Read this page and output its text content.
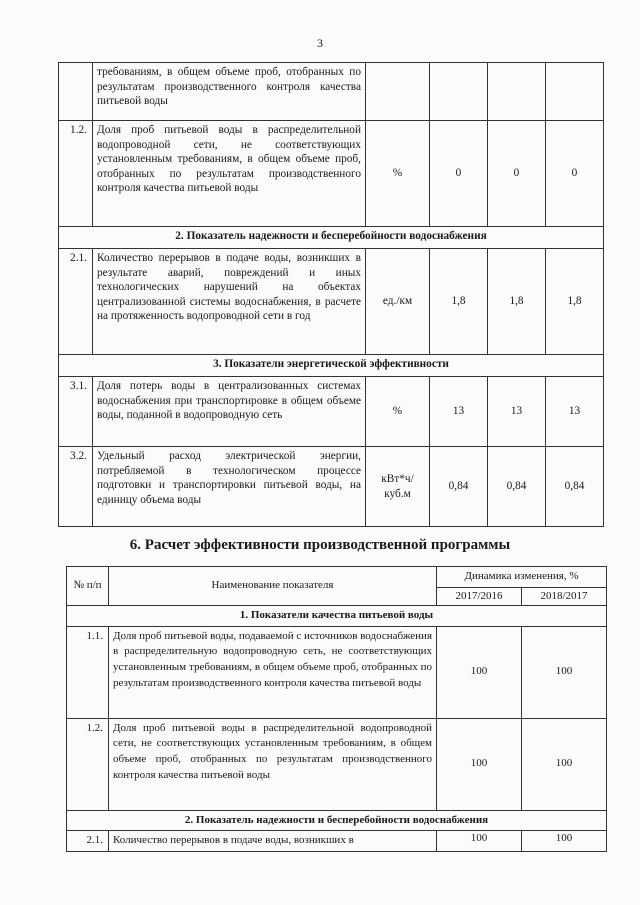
3
	требованиям, в общем объеме проб, отобранных по результатам производственного контроля качества питьевой воды				
1.2.	Доля проб питьевой воды в распределительной водопроводной сети, не соответствующих установленным требованиям, в общем объеме проб, отобранных по результатам производственного контроля качества питьевой воды	%	0	0	0
2. Показатель надежности и бесперебойности водоснабжения					
2.1.	Количество перерывов в подаче воды, возникших в результате аварий, повреждений и иных технологических нарушений на объектах централизованной системы водоснабжения, в расчете на протяженность водопроводной сети в год	ед./км	1,8	1,8	1,8
3. Показатели энергетической эффективности					
3.1.	Доля потерь воды в централизованных системах водоснабжения при транспортировке в общем объеме воды, поданной в водопроводную сеть	%	13	13	13
3.2.	Удельный расход электрической энергии, потребляемой в технологическом процессе подготовки и транспортировки питьевой воды, на единицу объема воды	кВт*ч/ куб.м	0,84	0,84	0,84
6. Расчет эффективности производственной программы
№ п/п	Наименование показателя	Динамика изменения, %	
		2017/2016	2018/2017
1. Показатели качества питьевой воды			
1.1.	Доля проб питьевой воды, подаваемой с источников водоснабжения в распределительную водопроводную сеть, не соответствующих установленным требованиям, в общем объеме проб, отобранных по результатам производственного контроля качества питьевой воды	100	100
1.2.	Доля проб питьевой воды в распределительной водопроводной сети, не соответствующих установленным требованиям, в общем объеме проб, отобранных по результатам производственного контроля качества питьевой воды	100	100
2. Показатель надежности и бесперебойности водоснабжения			
2.1.	Количество перерывов в подаче воды, возникших в	100	100
